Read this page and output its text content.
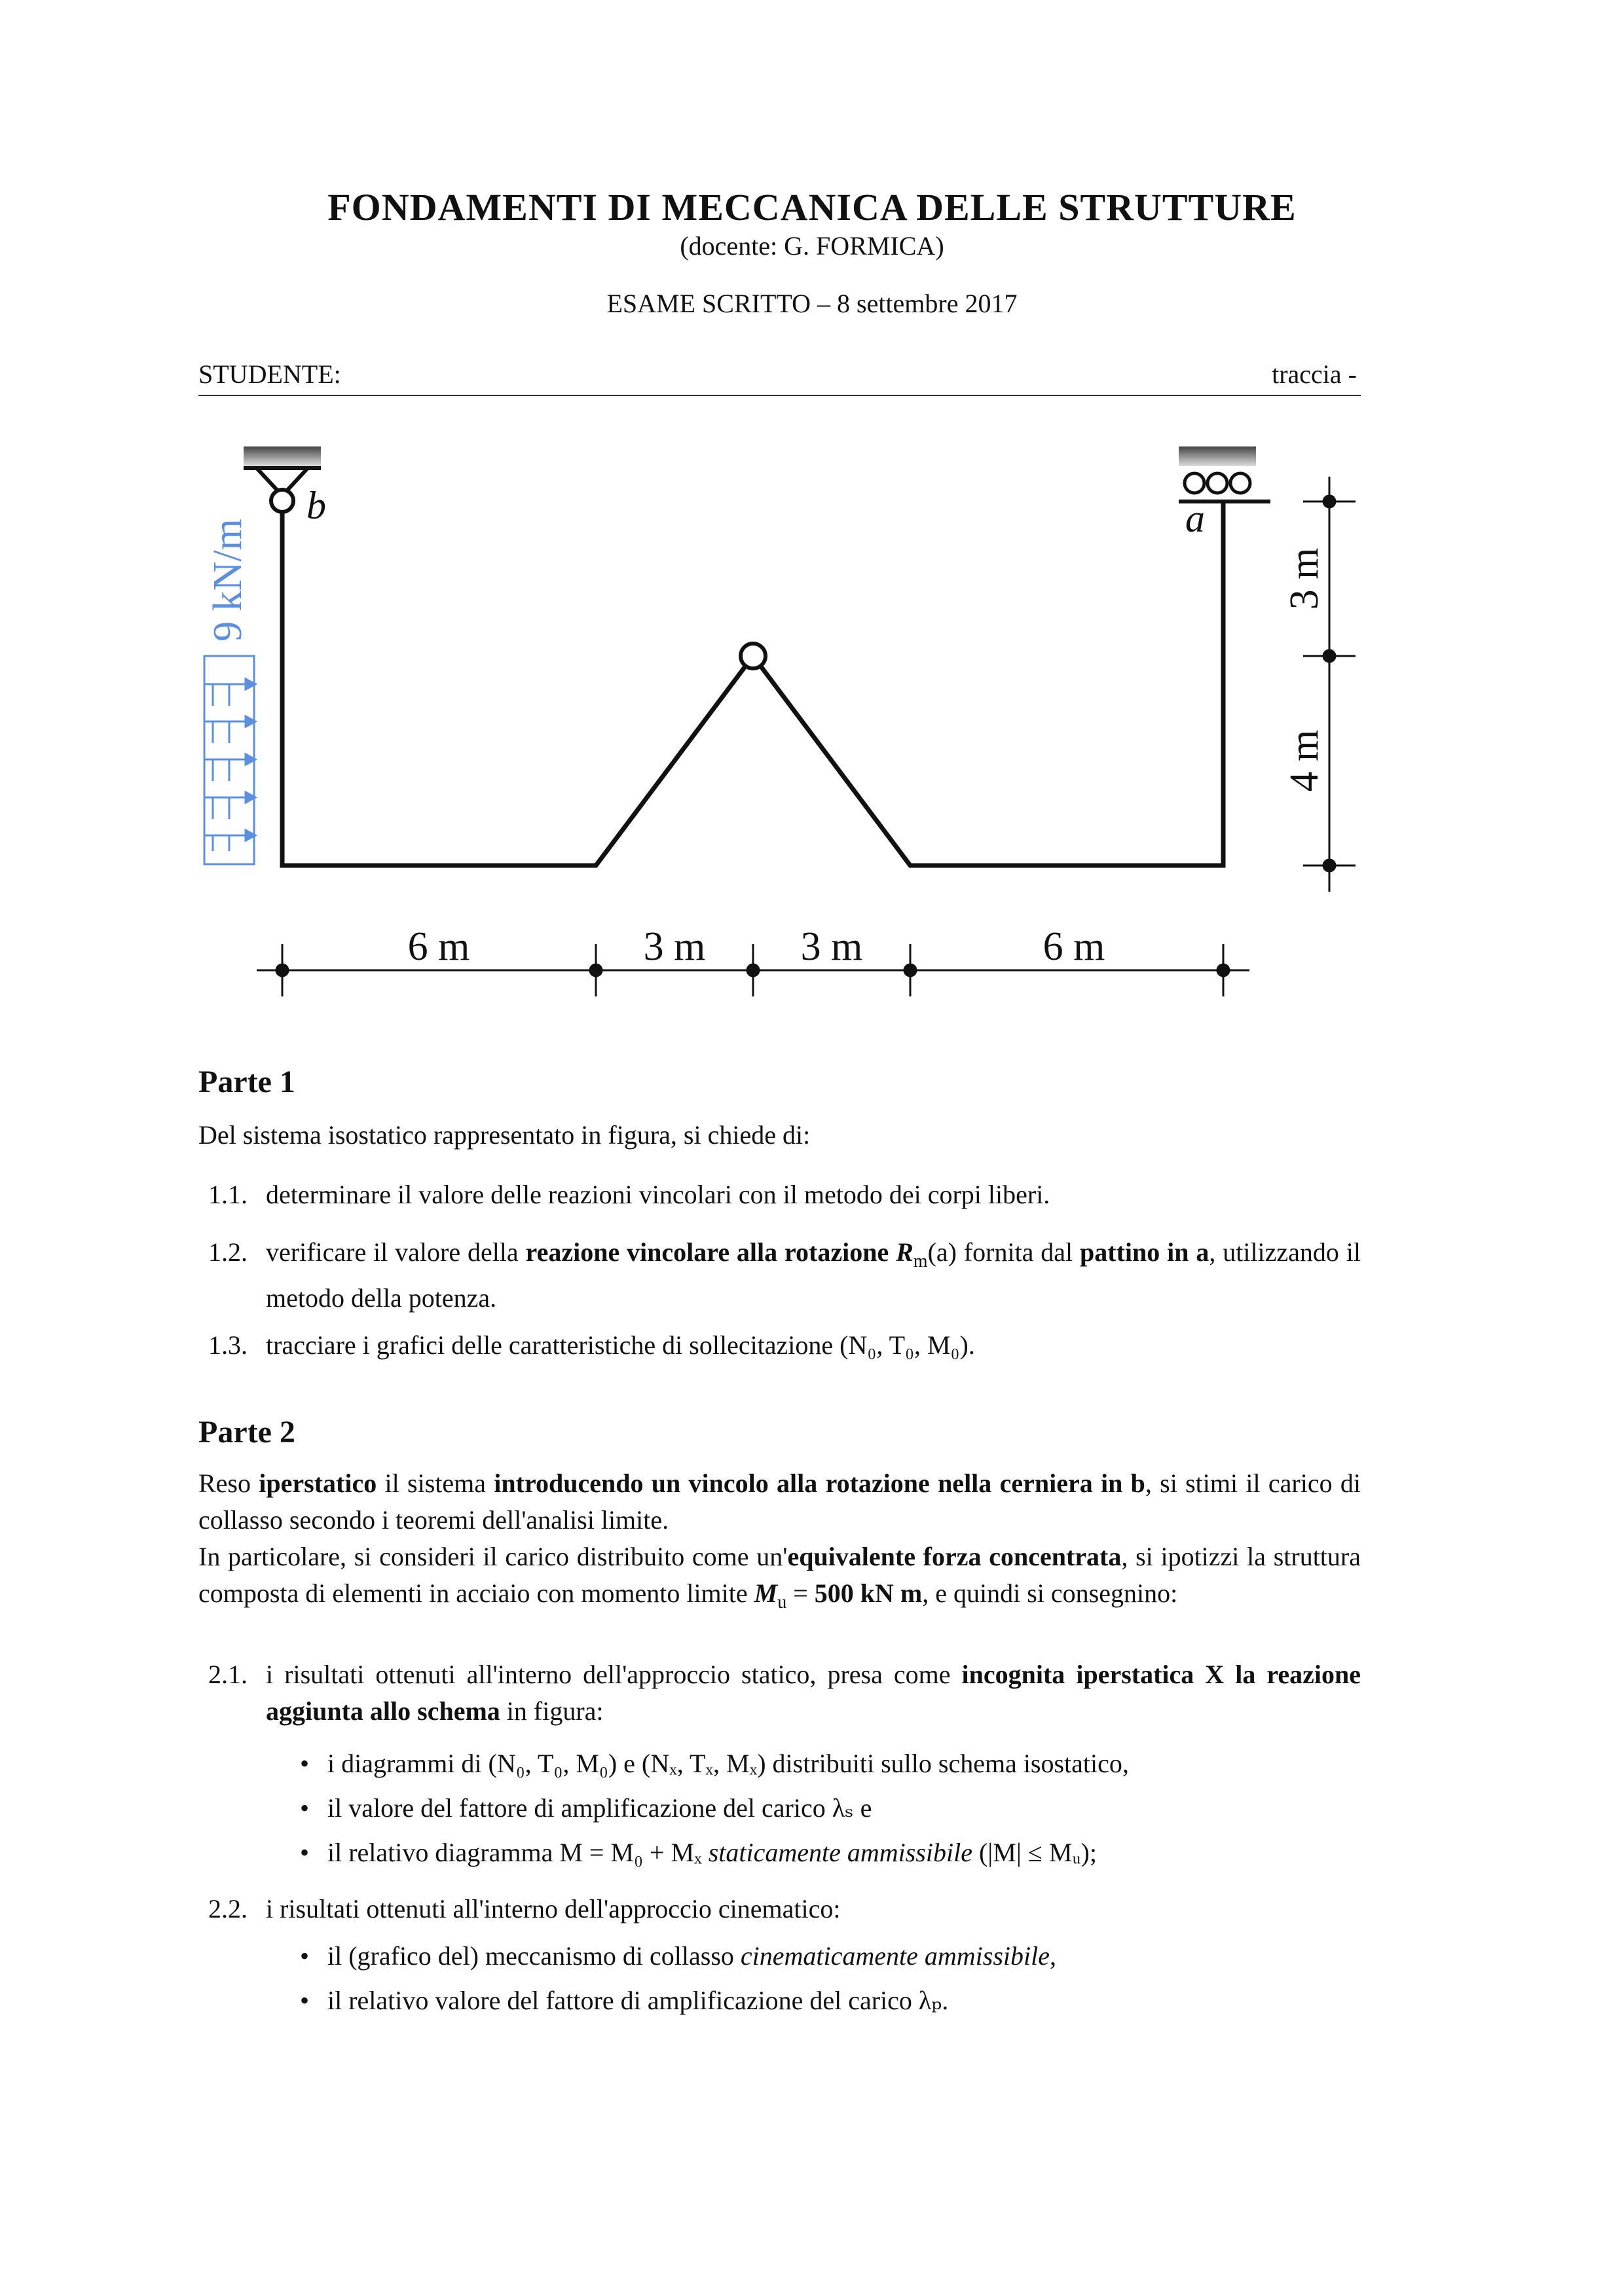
FONDAMENTI DI MECCANICA DELLE STRUTTURE
(docente: G. FORMICA)
ESAME SCRITTO – 8 settembre 2017
STUDENTE:	traccia -
b	a
9 kN/m
6 m	3 m 3 m	6 m
3 m
4 m
Parte 1
Del sistema isostatico rappresentato in figura, si chiede di:
1.1. determinare il valore delle reazioni vincolari con il metodo dei corpi liberi.
1.2. verificare il valore della reazione vincolare alla rotazione $R_m(a)$ fornita dal pattino in a, utilizzando il metodo della potenza.
1.3. tracciare i grafici delle caratteristiche di sollecitazione (N₀, T₀, M₀).
Parte 2
Reso iperstatico il sistema introducendo un vincolo alla rotazione nella cerniera in b, si stimi il carico di collasso secondo i teoremi dell'analisi limite.
In particolare, si consideri il carico distribuito come un'equivalente forza concentrata, si ipotizzi la struttura composta di elementi in acciaio con momento limite $M_u = 500$ kN m, e quindi si consegnino:
2.1. i risultati ottenuti all'interno dell'approccio statico, presa come incognita iperstatica X la reazione aggiunta allo schema in figura:
• i diagrammi di (N₀, T₀, M₀) e (Nₓ, Tₓ, Mₓ) distribuiti sullo schema isostatico,
• il valore del fattore di amplificazione del carico λₛ e
• il relativo diagramma M = M₀ + Mₓ staticamente ammissibile (|M| ≤ Mᵤ);
2.2. i risultati ottenuti all'interno dell'approccio cinematico:
• il (grafico del) meccanismo di collasso cinematicamente ammissibile,
• il relativo valore del fattore di amplificazione del carico λₚ.
